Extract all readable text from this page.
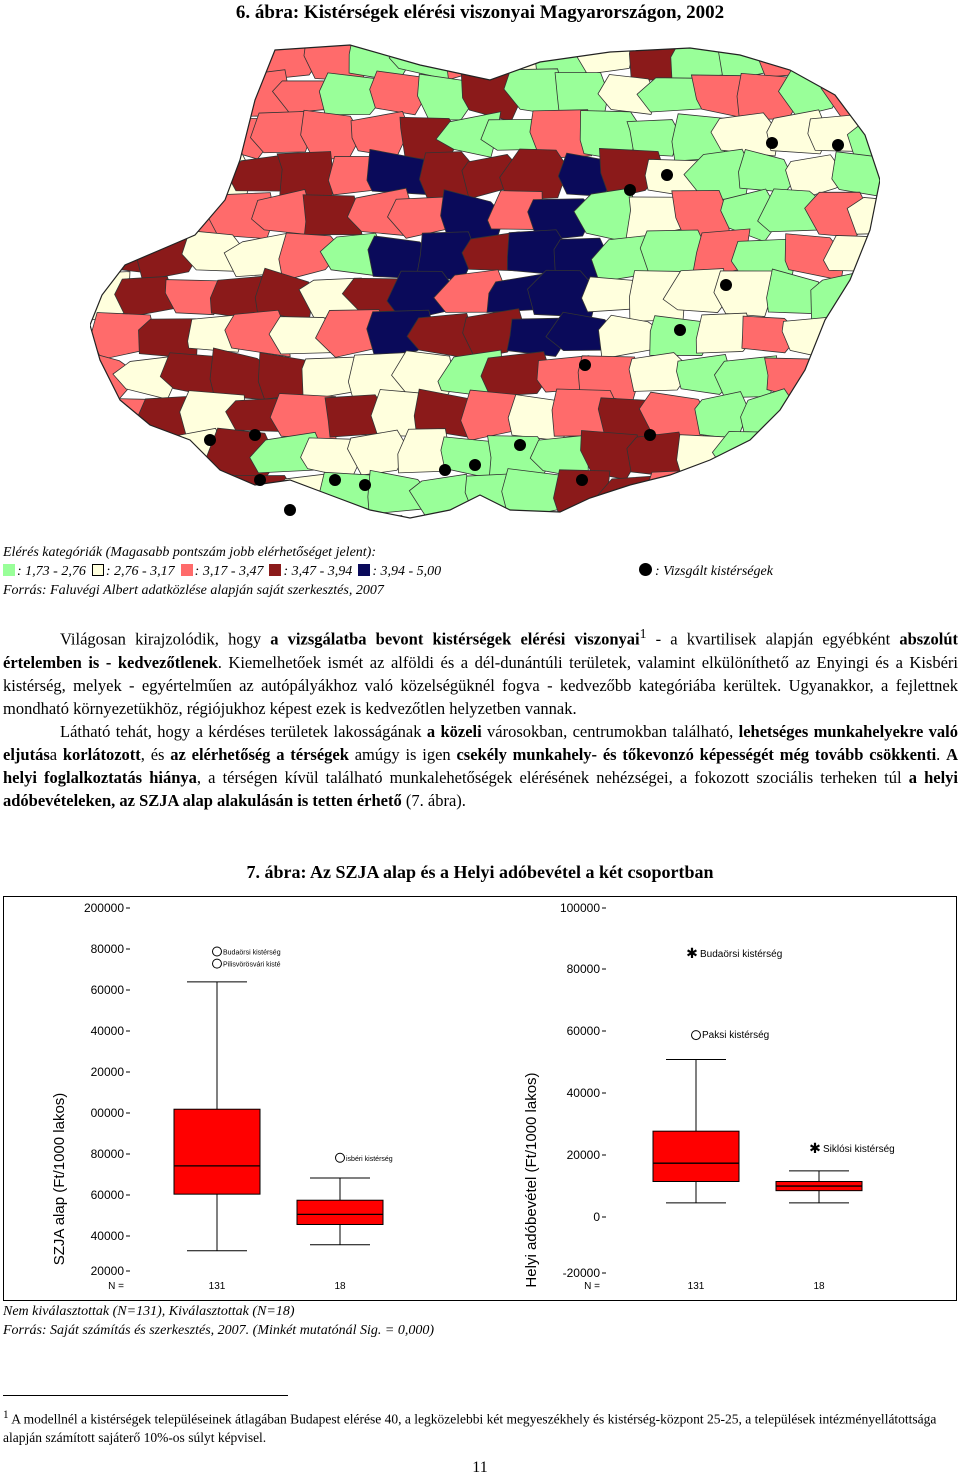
6. ábra: Kistérségek elérési viszonyai Magyarországon, 2002
Elérés kategóriák (Magasabb pontszám jobb elérhetőséget jelent):
: 1,73 - 2,76 : 2,76 - 3,17 : 3,17 - 3,47 : 3,47 - 3,94 : 3,94 - 5,00	: Vizsgált kistérségek
Forrás: Faluvégi Albert adatközlése alapján saját szerkesztés, 2007

Világosan kirajzolódik, hogy a vizsgálatba bevont kistérségek elérési viszonyai$^1$ - a kvartilisek alapján egyébként abszolút értelemben is - kedvezőtlenek. Kiemelhetőek ismét az alföldi és a dél-dunántúli területek, valamint elkülöníthető az Enyingi és a Kisbéri kistérség, melyek - egyértelműen az autópályákhoz való közelségüknél fogva - kedvezőbb kategóriába kerültek. Ugyanakkor, a fejlettnek mondható környezetükhöz, régiójukhoz képest ezek is kedvezőtlen helyzetben vannak.

Látható tehát, hogy a kérdéses területek lakosságának a közeli városokban, centrumokban található, lehetséges munkahelyekre való eljutása korlátozott, és az elérhetőség a térségek amúgy is igen csekély munkahely- és tőkevonzó képességét még tovább csökkenti. A helyi foglalkoztatás hiánya, a térségen kívül található munkalehetőségek elérésének nehézségei, a fokozott szociális terheken túl a helyi adóbevételeken, az SZJA alap alakulásán is tetten érhető (7. ábra).

7. ábra: Az SZJA alap és a Helyi adóbevétel a két csoportban
SZJA alap (Ft/1000 lakos)
200000
80000
60000
40000
20000
00000
80000
60000
40000
20000
N =	131
Budaörsi kistérség
Pilisvörösvári kisté
18
isbéri kistérség	Helyi adóbevétel (Ft/1000 lakos)
100000
80000
60000
40000
20000
0
-20000
N =	131
✱ Budaörsi kistérség
Paksi kistérség
18
✱ Siklósi kistérség
Nem kiválasztottak (N=131), Kiválasztottak (N=18)
Forrás: Saját számítás és szerkesztés, 2007. (Minkét mutatónál Sig. = 0,000)
$^1$ A modellnél a kistérségek településeinek átlagában Budapest elérése 40, a legközelebbi két megyeszékhely és kistérség-központ 25-25, a települések intézményellátottsága alapján számított sajáterő 10%-os súlyt képvisel.
11
